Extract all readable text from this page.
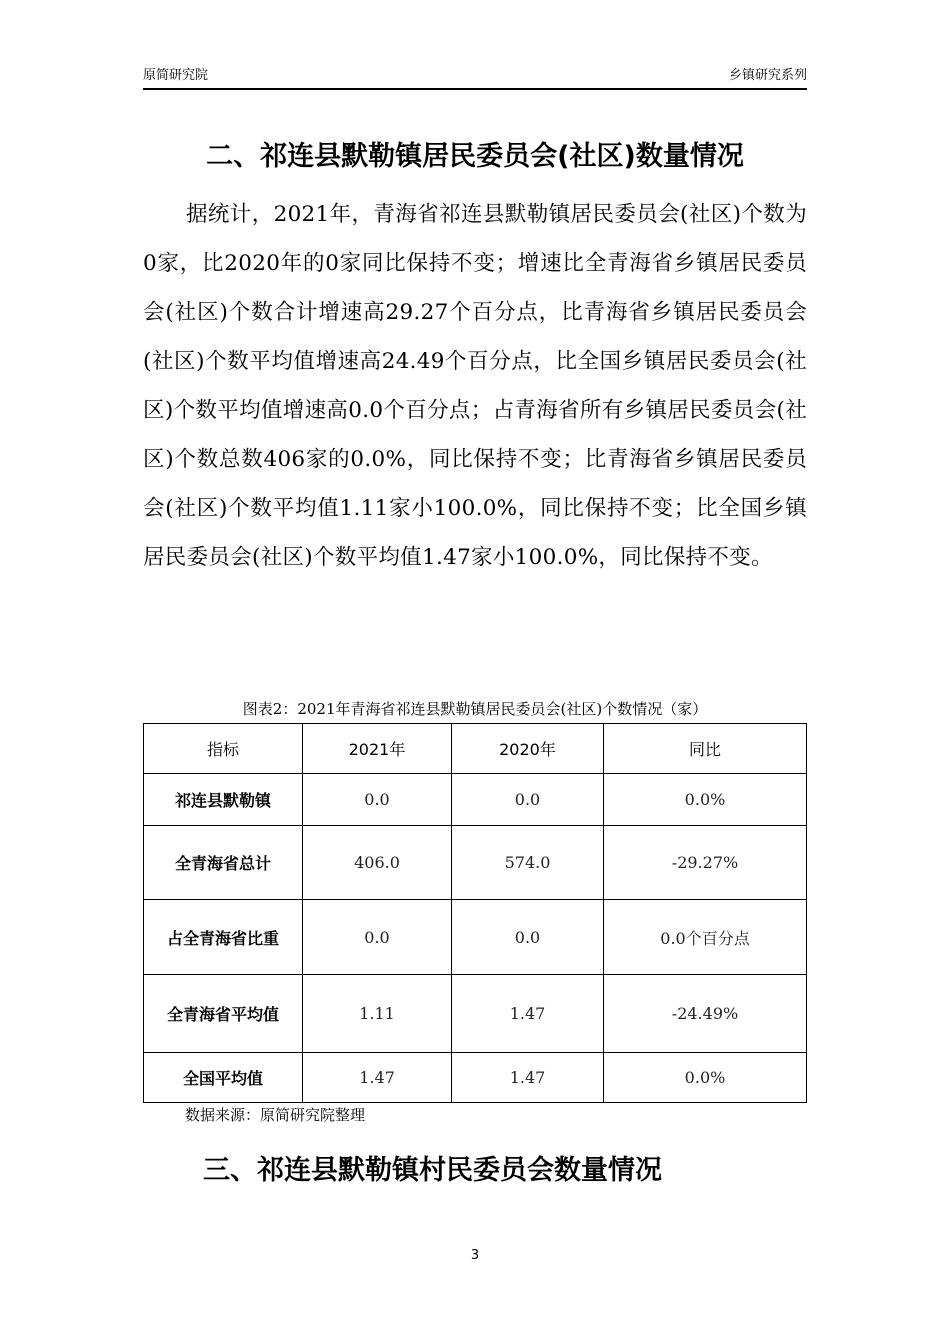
原简研究院	乡镇研究系列
二、祁连县默勒镇居民委员会(社区)数量情况

据统计，2021年，青海省祁连县默勒镇居民委员会(社区)个数为0家，比2020年的0家同比保持不变；增速比全青海省乡镇居民委员会(社区)个数合计增速高29.27个百分点，比青海省乡镇居民委员会(社区)个数平均值增速高24.49个百分点，比全国乡镇居民委员会(社区)个数平均值增速高0.0个百分点；占青海省所有乡镇居民委员会(社区)个数总数406家的0.0%，同比保持不变；比青海省乡镇居民委员会(社区)个数平均值1.11家小100.0%，同比保持不变；比全国乡镇居民委员会(社区)个数平均值1.47家小100.0%，同比保持不变。

图表2：2021年青海省祁连县默勒镇居民委员会(社区)个数情况（家）
指标	2021年	2020年	同比
祁连县默勒镇	0.0	0.0	0.0%
全青海省总计	406.0	574.0	-29.27%
占全青海省比重	0.0	0.0	0.0个百分点
全青海省平均值	1.11	1.47	-24.49%
全国平均值	1.47	1.47	0.0%
数据来源：原简研究院整理
三、祁连县默勒镇村民委员会数量情况
3
